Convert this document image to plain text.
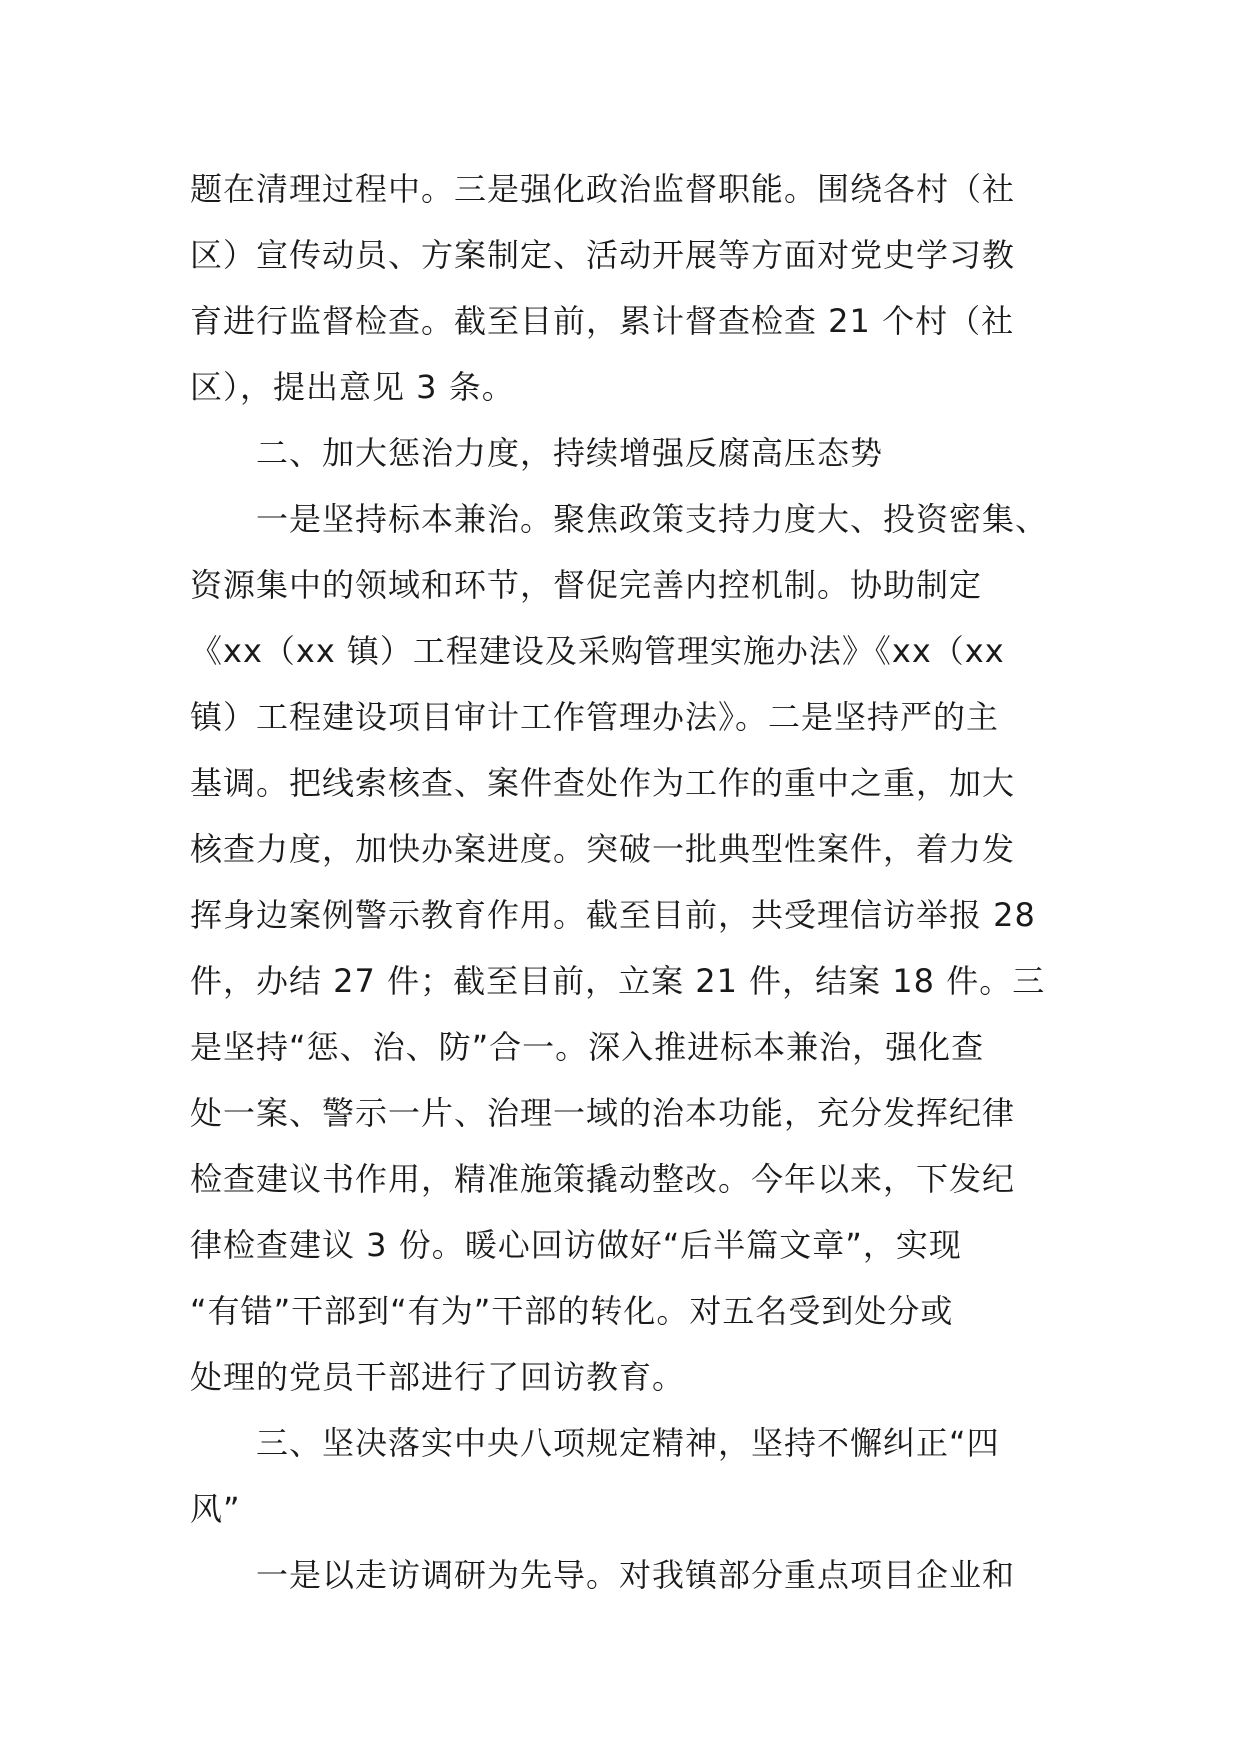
题在清理过程中。三是强化政治监督职能。围绕各村（社
区）宣传动员、方案制定、活动开展等方面对党史学习教
育进行监督检查。截至目前，累计督查检查 21 个村（社
区），提出意见 3 条。
二、加大惩治力度，持续增强反腐高压态势
一是坚持标本兼治。聚焦政策支持力度大、投资密集、
资源集中的领域和环节，督促完善内控机制。协助制定
《xx（xx 镇）工程建设及采购管理实施办法》《xx（xx
镇）工程建设项目审计工作管理办法》。二是坚持严的主
基调。把线索核查、案件查处作为工作的重中之重，加大
核查力度，加快办案进度。突破一批典型性案件，着力发
挥身边案例警示教育作用。截至目前，共受理信访举报 28
件，办结 27 件；截至目前，立案 21 件，结案 18 件。三
是坚持“惩、治、防”合一。深入推进标本兼治，强化查
处一案、警示一片、治理一域的治本功能，充分发挥纪律
检查建议书作用，精准施策撬动整改。今年以来，下发纪
律检查建议 3 份。暖心回访做好“后半篇文章”，实现
“有错”干部到“有为”干部的转化。对五名受到处分或
处理的党员干部进行了回访教育。
三、坚决落实中央八项规定精神，坚持不懈纠正“四
风”
一是以走访调研为先导。对我镇部分重点项目企业和
